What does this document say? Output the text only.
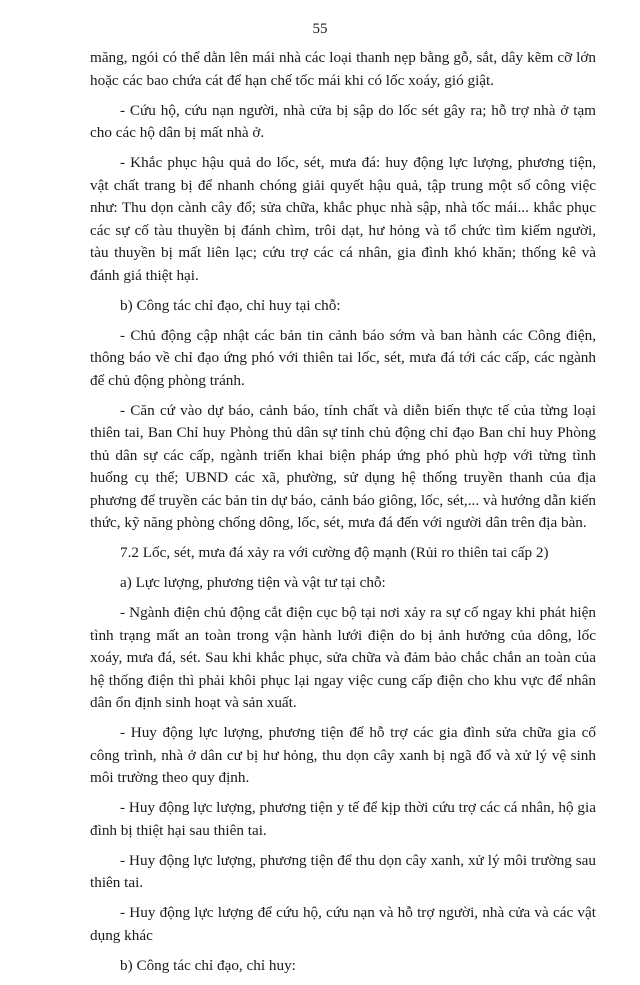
55

măng, ngói có thể dằn lên mái nhà các loại thanh nẹp bằng gỗ, sắt, dây kẽm cỡ lớn hoặc các bao chứa cát để hạn chế tốc mái khi có lốc xoáy, gió giật.

- Cứu hộ, cứu nạn người, nhà cửa bị sập do lốc sét gây ra; hỗ trợ nhà ở tạm cho các hộ dân bị mất nhà ở.

- Khắc phục hậu quả do lốc, sét, mưa đá: huy động lực lượng, phương tiện, vật chất trang bị để nhanh chóng giải quyết hậu quả, tập trung một số công việc như: Thu dọn cành cây đổ; sửa chữa, khắc phục nhà sập, nhà tốc mái... khắc phục các sự cố tàu thuyền bị đánh chìm, trôi dạt, hư hỏng và tổ chức tìm kiếm người, tàu thuyền bị mất liên lạc; cứu trợ các cá nhân, gia đình khó khăn; thống kê và đánh giá thiệt hại.

b) Công tác chỉ đạo, chỉ huy tại chỗ:

- Chủ động cập nhật các bản tin cảnh báo sớm và ban hành các Công điện, thông báo về chỉ đạo ứng phó với thiên tai lốc, sét, mưa đá tới các cấp, các ngành để chủ động phòng tránh.

- Căn cứ vào dự báo, cảnh báo, tính chất và diễn biến thực tế của từng loại thiên tai, Ban Chỉ huy Phòng thủ dân sự tỉnh chủ động chỉ đạo Ban chỉ huy Phòng thủ dân sự các cấp, ngành triển khai biện pháp ứng phó phù hợp với từng tình huống cụ thể; UBND các xã, phường, sử dụng hệ thống truyền thanh của địa phương để truyền các bản tin dự báo, cảnh báo giông, lốc, sét,... và hướng dẫn kiến thức, kỹ năng phòng chống dông, lốc, sét, mưa đá đến với người dân trên địa bàn.

7.2 Lốc, sét, mưa đá xảy ra với cường độ mạnh (Rủi ro thiên tai cấp 2)

a) Lực lượng, phương tiện và vật tư tại chỗ:

- Ngành điện chủ động cắt điện cục bộ tại nơi xảy ra sự cố ngay khi phát hiện tình trạng mất an toàn trong vận hành lưới điện do bị ảnh hưởng của dông, lốc xoáy, mưa đá, sét. Sau khi khắc phục, sửa chữa và đảm bảo chắc chắn an toàn của hệ thống điện thì phải khôi phục lại ngay việc cung cấp điện cho khu vực để nhân dân ổn định sinh hoạt và sản xuất.

- Huy động lực lượng, phương tiện để hỗ trợ các gia đình sửa chữa gia cố công trình, nhà ở dân cư bị hư hỏng, thu dọn cây xanh bị ngã đổ và xử lý vệ sinh môi trường theo quy định.

- Huy động lực lượng, phương tiện y tế để kịp thời cứu trợ các cá nhân, hộ gia đình bị thiệt hại sau thiên tai.

- Huy động lực lượng, phương tiện để thu dọn cây xanh, xử lý môi trường sau thiên tai.

- Huy động lực lượng để cứu hộ, cứu nạn và hỗ trợ người, nhà cửa và các vật dụng khác

b) Công tác chỉ đạo, chỉ huy:
